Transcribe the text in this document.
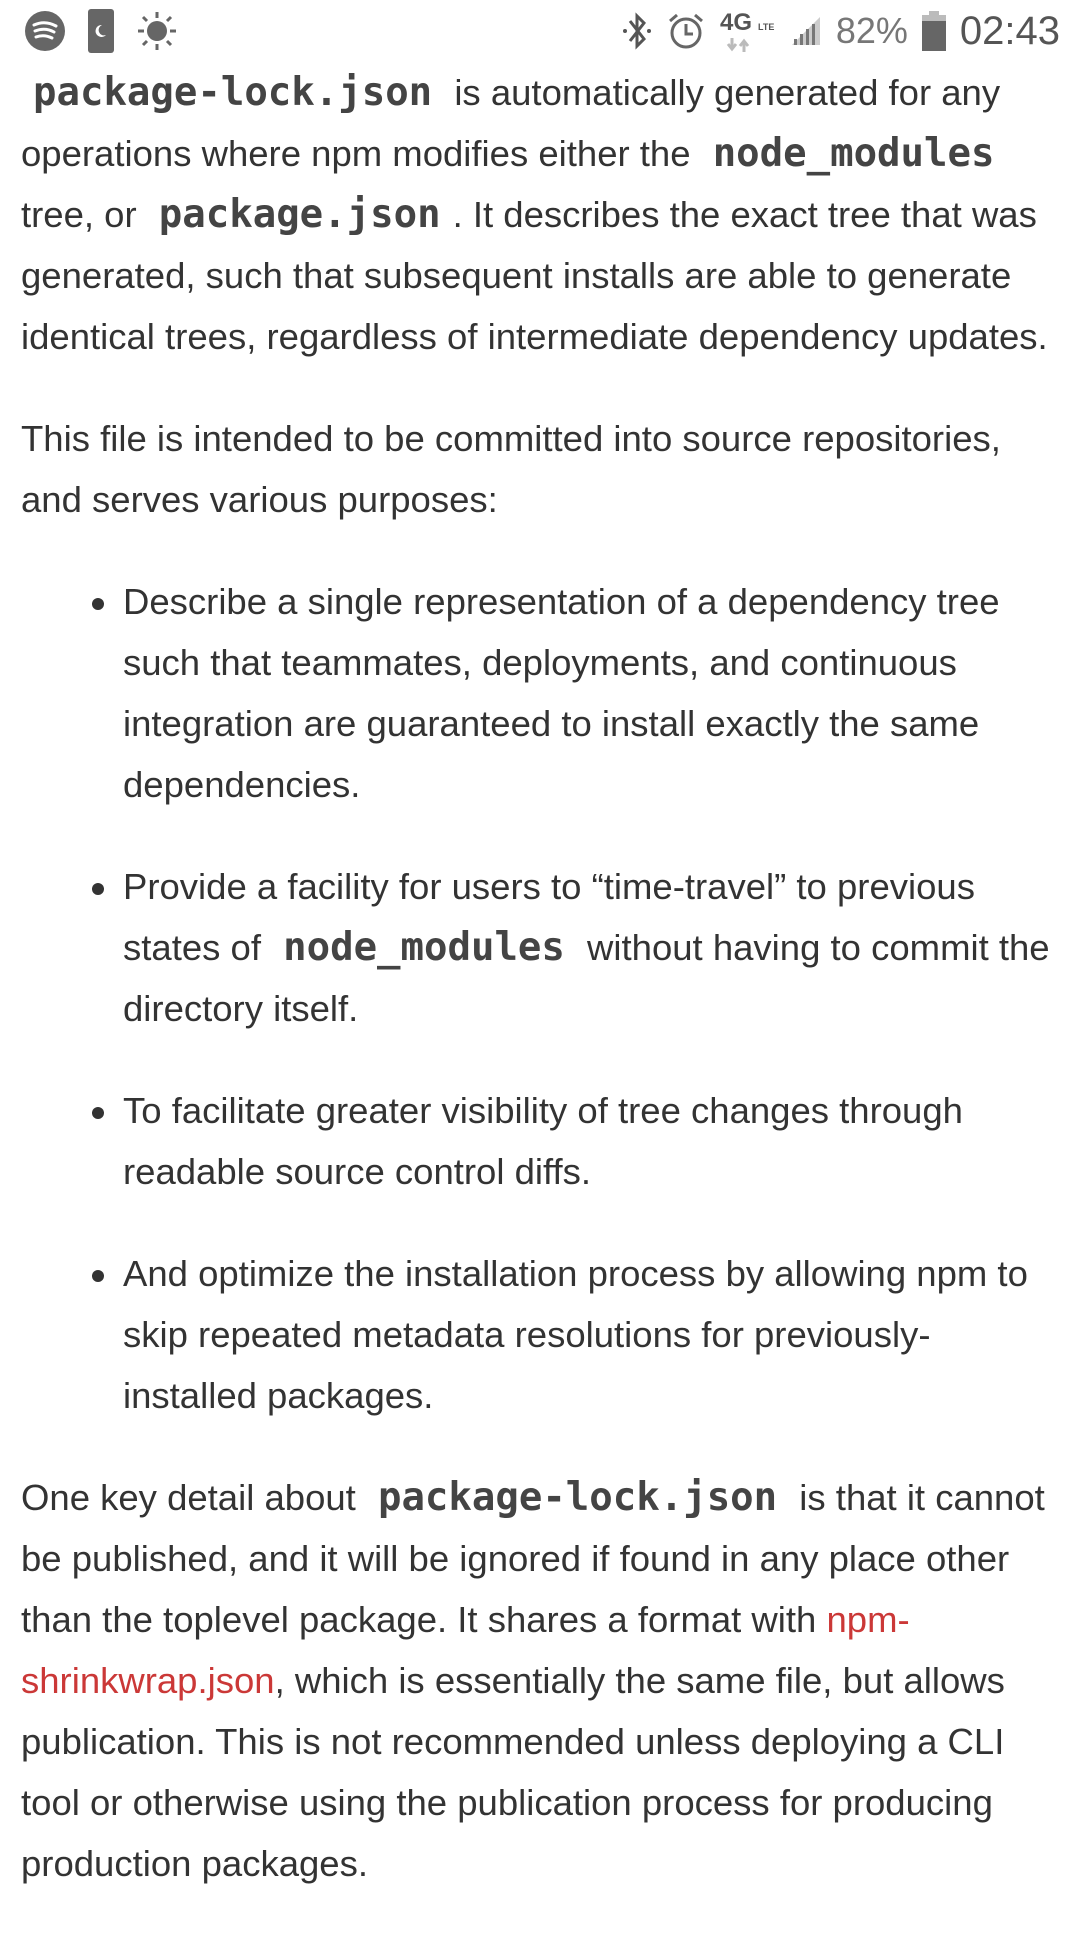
4G LTE 82% 02:43

package-lock.json is automatically generated for any operations where npm modifies either the node_modules tree, or package.json . It describes the exact tree that was generated, such that subsequent installs are able to generate identical trees, regardless of intermediate dependency updates.

This file is intended to be committed into source repositories, and serves various purposes:

Describe a single representation of a dependency tree such that teammates, deployments, and continuous integration are guaranteed to install exactly the same dependencies.
Provide a facility for users to “time-travel” to previous states of node_modules without having to commit the directory itself.
To facilitate greater visibility of tree changes through readable source control diffs.
And optimize the installation process by allowing npm to skip repeated metadata resolutions for previously-installed packages.

One key detail about package-lock.json is that it cannot be published, and it will be ignored if found in any place other than the toplevel package. It shares a format with npm-shrinkwrap.json, which is essentially the same file, but allows publication. This is not recommended unless deploying a CLI tool or otherwise using the publication process for producing production packages.
